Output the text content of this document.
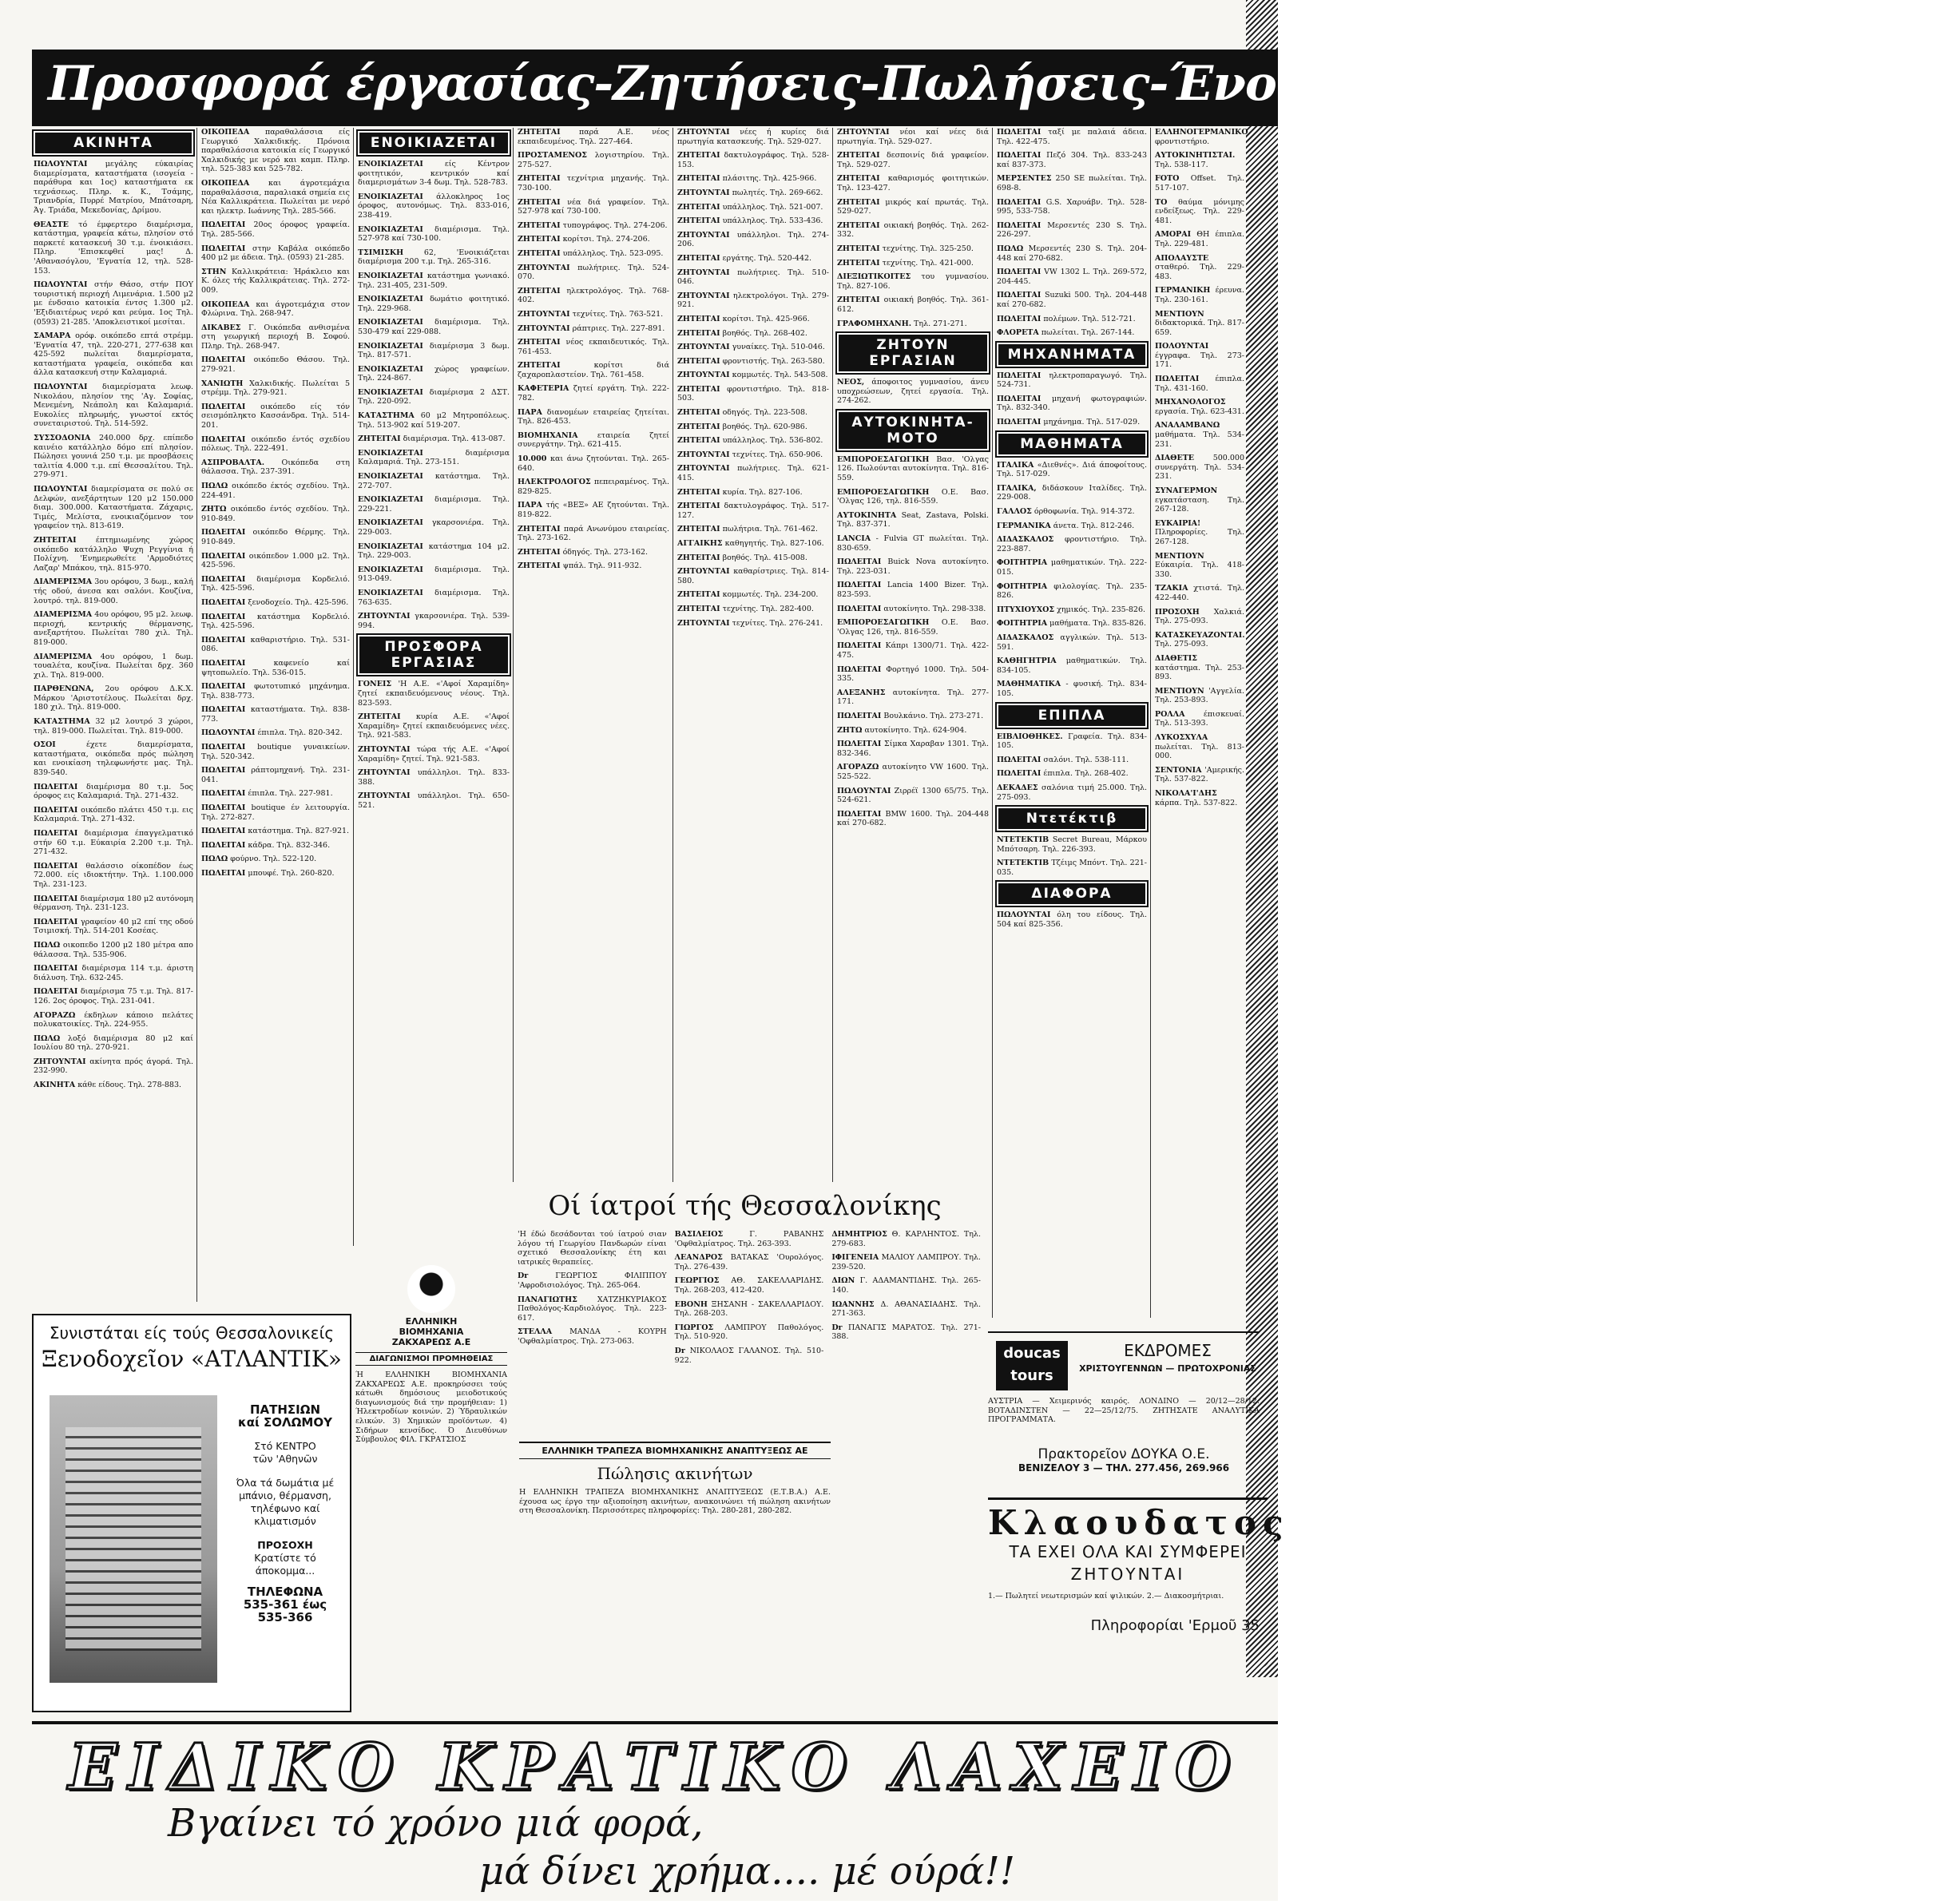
Προσφορά έργασίας-Ζητήσεις-Πωλήσεις-Ένοικιάσεις-Άγοραί-Ακίνητα
ΑΚΙΝΗΤΑ
ΠΩΛΟΥΝΤΑΙ μεγάλης εύκαιρίας διαμερίσματα, καταστήματα (ισογεία - παράθυρα και 1ος) καταστήματα εκ τεχνάσεως. Πληρ. κ. Κ., Τσάμης, Τριανδρία, Πυρρέ Ματρίου, Μπάτσαρη, Άγ. Τριάδα, Μεκεδονίας, Δρίμου.
ΘΕΑΣΤΕ τό έμφερτερο διαμέρισμα, κατάστημα, γραφεία κάτω, πλησίον στό παρκετέ κατασκευή 30 τ.μ. ένοικιάσει. Πληρ. 'Επισκεφθεί μας! Δ. 'Αθανασόγλου, 'Εγνατία 12, τηλ. 528-153.
ΠΩΛΟΥΝΤΑΙ στήν Θάσο, στήν ΠΟΥ τουριστική περιοχή Λιμενάρια. 1.500 μ2 με ένδσαιο κατοικία έντσς 1.300 μ2. 'Εξιδιαιτέρως νερό και ρεύμα. 1ος Τηλ. (0593) 21-285. 'Αποκλειστικοί μεσίται.
ΣΑΜΑΡΑ ορόφ. οικόπεδο επτά στρέμμ. 'Εγνατία 47, τηλ. 220-271, 277-638 και 425-592 πωλείται διαμερίσματα, καταστήματα γραφεία, οικόπεδα και άλλα κατασκευή στην Καλαμαριά.
ΠΩΛΟΥΝΤΑΙ διαμερίσματα λεωφ. Νικολάου, πλησίον της 'Αγ. Σοφίας, Μενεμένη, Νεάπολη και Καλαμαριά. Ευκολίες πληρωμής, γνωστοί εκτός συνεταιριστού. Τηλ. 514-592.
ΣΥΣΣΟΔΟΝΙΑ 240.000 δρχ. επίπεδο καινέιο κατάλληλο δόμο επί πλησίον. Πώλησει γουνιά 250 τ.μ. με προσβάσεις ταλιτία 4.000 τ.μ. επί Θεσσαλίτου. Τηλ. 279-971.
ΠΩΛΟΥΝΤΑΙ διαμερίσματα σε πολύ σε Δελφών, ανεξάρτητων 120 μ2 150.000 διαμ. 300.000. Καταστήματα. Ζάχαρις, Τιμές, Μελίστα, ενοικιαζόμενον τον γραφείον τηλ. 813-619.
ΖΗΤΕΙΤΑΙ έπτημιωμένης χώρος οικόπεδο κατάλληλο Ψυχη Ρεγγίνια ή Πολίχνη. 'Ενημερωθείτε 'Αρμοδιότες Λαζαρ' Μπάκου, τηλ. 815-970.
ΔΙΑΜΕΡΙΣΜΑ 3ου ορόφου, 3 δωμ., καλή τής οδού, άνεσα και σαλόνι. Κουζίνα, λουτρό. τηλ. 819-000.
ΔΙΑΜΕΡΙΣΜΑ 4ου ορόφου, 95 μ2. λεωφ. περιοχή, κεντρικής θέρμανσης, ανεξαρτήτου. Πωλείται 780 χιλ. Τηλ. 819-000.
ΔΙΑΜΕΡΙΣΜΑ 4ου ορόφου, 1 δωμ. τουαλέτα, κουζίνα. Πωλείται δρχ. 360 χιλ. Τηλ. 819-000.
ΠΑΡΘΕΝΩΝΑ, 2ου ορόφου Δ.Κ.Χ. Μάρκου 'Αριστοτέλους. Πωλείται δρχ. 180 χιλ. Τηλ. 819-000.
ΚΑΤΑΣΤΗΜΑ 32 μ2 λουτρό 3 χώροι, τηλ. 819-000. Πωλείται. Τηλ. 819-000.
ΟΣΟΙ έχετε διαμερίσματα, καταστήματα, οικόπεδα πρός πώληση και ενοικίαση τηλεφωνήστε μας. Τηλ. 839-540.
ΠΩΛΕΙΤΑΙ διαμέρισμα 80 τ.μ. 5ος όροφος εις Καλαμαριά. Τηλ. 271-432.
ΠΩΛΕΙΤΑΙ οικόπεδο πλάτει 450 τ.μ. εις Καλαμαριά. Τηλ. 271-432.
ΠΩΛΕΙΤΑΙ διαμέρισμα έπαγγελματικό στήν 60 τ.μ. Εύκαιρία 2.200 τ.μ. Τηλ. 271-432.
ΠΩΛΕΙΤΑΙ θαλάσσιο οίκοπέδον έως 72.000. είς ιδιοκτήτην. Τηλ. 1.100.000 Τηλ. 231-123.
ΠΩΛΕΙΤΑΙ διαμέρισμα 180 μ2 αυτόνομη θέρμανση. Τηλ. 231-123.
ΠΩΛΕΙΤΑΙ γραφείον 40 μ2 επί της οδού Τσιμισκή. Τηλ. 514-201 Κοσέας.
ΠΩΛΩ οικοπεδο 1200 μ2 180 μέτρα απο θάλασσα. Τηλ. 535-906.
ΠΩΛΕΙΤΑΙ διαμέρισμα 114 τ.μ. άριστη διάλυση. Τηλ. 632-245.
ΠΩΛΕΙΤΑΙ διαμέρισμα 75 τ.μ. Τηλ. 817-126. 2ος όροφος. Τηλ. 231-041.
ΑΓΟΡΑΖΩ έκδηλων κάποιο πελάτες πολυκατοικίες. Τηλ. 224-955.
ΠΩΛΩ λοξό διαμέρισμα 80 μ2 καί Ιουλίου 80 τηλ. 270-921.
ΖΗΤΟΥΝΤΑΙ ακίνητα πρός άγορά. Τηλ. 232-990.
ΑΚΙΝΗΤΑ κάθε είδους. Τηλ. 278-883.
ΟΙΚΟΠΕΔΑ παραθαλάσσια είς Γεωργικό Χαλκιδικής. Πρόνοια παραθαλάσσια κατοικία είς Γεωργικό Χαλκιδικής με νερό και καμπ. Πληρ. τηλ. 525-383 και 525-782.
ΟΙΚΟΠΕΔΑ και άγροτεμάχια παραθαλάσσια, παραλιακά σημεία εις Νέα Καλλικράτεια. Πωλείται με νερό και ηλεκτρ. Ιωάννης Τηλ. 285-566.
ΠΩΛΕΙΤΑΙ 20ος όροφος γραφεία. Τηλ. 285-566.
ΠΩΛΕΙΤΑΙ στην Καβάλα οικόπεδο 400 μ2 με άδεια. Τηλ. (0593) 21-285.
ΣΤΗΝ Καλλικράτεια: Ήράκλειο και Κ. όλες τής Καλλικράτειας. Τηλ. 272-009.
ΟΙΚΟΠΕΔΑ και άγροτεμάχια στον Φλώρινα. Τηλ. 268-947.
ΔΙΚΑΒΕΣ Γ. Οικόπεδα ανθισμένα στη γεωργική περιοχή Β. Σοφού. Πληρ. Τηλ. 268-947.
ΠΩΛΕΙΤΑΙ οικόπεδο Θάσου. Τηλ. 279-921.
ΧΑΝΙΩΤΗ Χαλκιδικής. Πωλείται 5 στρέμμ. Τηλ. 279-921.
ΠΩΛΕΙΤΑΙ οικόπεδο είς τόν σεισμόπληκτο Κασσάνδρα. Τηλ. 514-201.
ΠΩΛΕΙΤΑΙ οικόπεδο έντός σχεδίου πόλεως. Τηλ. 222-491.
ΑΣΠΡΟΒΑΛΤΑ. Οικόπεδα στη θάλασσα. Τηλ. 237-391.
ΠΩΛΩ οικόπεδο έκτός σχεδίου. Τηλ. 224-491.
ΖΗΤΩ οικόπεδο έντός σχεδίου. Τηλ. 910-849.
ΠΩΛΕΙΤΑΙ οικόπεδο Θέρμης. Τηλ. 910-849.
ΠΩΛΕΙΤΑΙ οικόπεδον 1.000 μ2. Τηλ. 425-596.
ΠΩΛΕΙΤΑΙ διαμέρισμα Κορδελιό. Τηλ. 425-596.
ΠΩΛΕΙΤΑΙ ξενοδοχείο. Τηλ. 425-596.
ΠΩΛΕΙΤΑΙ κατάστημα Κορδελιό. Τηλ. 425-596.
ΠΩΛΕΙΤΑΙ καθαριστήριο. Τηλ. 531-086.
ΠΩΛΕΙΤΑΙ καφενείο καί ψητοπωλείο. Τηλ. 536-015.
ΠΩΛΕΙΤΑΙ φωτοτυπικό μηχάνημα. Τηλ. 838-773.
ΠΩΛΕΙΤΑΙ καταστήματα. Τηλ. 838-773.
ΠΩΛΟΥΝΤΑΙ έπιπλα. Τηλ. 820-342.
ΠΩΛΕΙΤΑΙ boutique γυναικείων. Τηλ. 520-342.
ΠΩΛΕΙΤΑΙ ράπτομηχανή. Τηλ. 231-041.
ΠΩΛΕΙΤΑΙ έπιπλα. Τηλ. 227-981.
ΠΩΛΕΙΤΑΙ boutique έν λειτουργία. Τηλ. 272-827.
ΠΩΛΕΙΤΑΙ κατάστημα. Τηλ. 827-921.
ΠΩΛΕΙΤΑΙ κάδρα. Τηλ. 832-346.
ΠΩΛΩ φούρνο. Τηλ. 522-120.
ΠΩΛΕΙΤΑΙ μπουφέ. Τηλ. 260-820.
ΕΝΟΙΚΙΑΖΕΤΑΙ
ΕΝΟΙΚΙΑΖΕΤΑΙ είς Κέντρον φοιτητικόν, κεντρικόν καί διαμερισμάτων 3-4 δωμ. Τηλ. 528-783.
ΕΝΟΙΚΙΑΖΕΤΑΙ άλλοκληρος 1ος όροφος, αυτονόμως. Τηλ. 833-016, 238-419.
ΕΝΟΙΚΙΑΖΕΤΑΙ διαμέρισμα. Τηλ. 527-978 καί 730-100.
ΤΣΙΜΙΣΚΗ 62, 'Ενοικιάζεται διαμέρισμα 200 τ.μ. Τηλ. 265-316.
ΕΝΟΙΚΙΑΖΕΤΑΙ κατάστημα γωνιακό. Τηλ. 231-405, 231-509.
ΕΝΟΙΚΙΑΖΕΤΑΙ δωμάτιο φοιτητικό. Τηλ. 229-968.
ΕΝΟΙΚΙΑΖΕΤΑΙ διαμέρισμα. Τηλ. 530-479 καί 229-088.
ΕΝΟΙΚΙΑΖΕΤΑΙ διαμέρισμα 3 δωμ. Τηλ. 817-571.
ΕΝΟΙΚΙΑΖΕΤΑΙ χώρος γραφείων. Τηλ. 224-867.
ΕΝΟΙΚΙΑΖΕΤΑΙ διαμέρισμα 2 ΔΣΤ. Τηλ. 220-092.
ΚΑΤΑΣΤΗΜΑ 60 μ2 Μητροπόλεως. Τηλ. 513-902 καί 519-207.
ΖΗΤΕΙΤΑΙ διαμέρισμα. Τηλ. 413-087.
ΕΝΟΙΚΙΑΖΕΤΑΙ διαμέρισμα Καλαμαριά. Τηλ. 273-151.
ΕΝΟΙΚΙΑΖΕΤΑΙ κατάστημα. Τηλ. 272-707.
ΕΝΟΙΚΙΑΖΕΤΑΙ διαμέρισμα. Τηλ. 229-221.
ΕΝΟΙΚΙΑΖΕΤΑΙ γκαρσονιέρα. Τηλ. 229-003.
ΕΝΟΙΚΙΑΖΕΤΑΙ κατάστημα 104 μ2. Τηλ. 229-003.
ΕΝΟΙΚΙΑΖΕΤΑΙ διαμέρισμα. Τηλ. 913-049.
ΕΝΟΙΚΙΑΖΕΤΑΙ διαμέρισμα. Τηλ. 763-635.
ΖΗΤΟΥΝΤΑΙ γκαρσονιέρα. Τηλ. 539-994.
ΠΡΟΣΦΟΡΑ ΕΡΓΑΣΙΑΣ
ΓΟΝΕΙΣ 'Η Α.Ε. «'Αφοί Χαραμίδη» ζητεί εκπαιδευόμενους νέους. Τηλ. 823-593.
ΖΗΤΕΙΤΑΙ κυρία Α.Ε. «'Αφοί Χαραμίδη» ζητεί εκπαιδευόμενες νέες. Τηλ. 921-583.
ΖΗΤΟΥΝΤΑΙ τώρα τής Α.Ε. «'Αφοί Χαραμίδη» ζητεί. Τηλ. 921-583.
ΖΗΤΟΥΝΤΑΙ υπάλληλοι. Τηλ. 833-388.
ΖΗΤΟΥΝΤΑΙ υπάλληλοι. Τηλ. 650-521.
ΖΗΤΕΙΤΑΙ παρά Α.Ε. νέος εκπαιδευμένος. Τηλ. 227-464.
ΠΡΟΣΤΑΜΕΝΟΣ λογιστηρίου. Τηλ. 275-527.
ΖΗΤΕΙΤΑΙ τεχνίτρια μηχανής. Τηλ. 730-100.
ΖΗΤΕΙΤΑΙ νέα διά γραφείον. Τηλ. 527-978 καί 730-100.
ΖΗΤΕΙΤΑΙ τυπογράφος. Τηλ. 274-206.
ΖΗΤΕΙΤΑΙ κορίτσι. Τηλ. 274-206.
ΖΗΤΕΙΤΑΙ υπάλληλος. Τηλ. 523-095.
ΖΗΤΟΥΝΤΑΙ πωλήτριες. Τηλ. 524-070.
ΖΗΤΕΙΤΑΙ ηλεκτρολόγος. Τηλ. 768-402.
ΖΗΤΟΥΝΤΑΙ τεχνίτες. Τηλ. 763-521.
ΖΗΤΟΥΝΤΑΙ ράπτριες. Τηλ. 227-891.
ΖΗΤΕΙΤΑΙ νέος εκπαιδευτικός. Τηλ. 761-453.
ΖΗΤΕΙΤΑΙ κορίτσι διά ζαχαροπλαστείον. Τηλ. 761-458.
ΚΑΦΕΤΕΡΙΑ ζητεί εργάτη. Τηλ. 222-782.
ΠΑΡΑ διανομέων εταιρείας ζητείται. Τηλ. 826-453.
ΒΙΟΜΗΧΑΝΙΑ εταιρεία ζητεί συνεργάτην. Τηλ. 621-415.
10.000 και άνω ζητούνται. Τηλ. 265-640.
ΗΛΕΚΤΡΟΛΟΓΟΣ πεπειραμένος. Τηλ. 829-825.
ΠΑΡΑ τής «ΒΕΞ» ΑΕ ζητούνται. Τηλ. 819-822.
ΖΗΤΕΙΤΑΙ παρά Ανωνύμου εταιρείας. Τηλ. 273-162.
ΖΗΤΕΙΤΑΙ όδηγός. Τηλ. 273-162.
ΖΗΤΕΙΤΑΙ ψπάλ. Τηλ. 911-932.
ΖΗΤΟΥΝΤΑΙ νέες ή κυρίες διά πρωτηγία κατασκευής. Τηλ. 529-027.
ΖΗΤΕΙΤΑΙ δακτυλογράφος. Τηλ. 528-153.
ΖΗΤΕΙΤΑΙ πλάσιτης. Τηλ. 425-966.
ΖΗΤΟΥΝΤΑΙ πωλητές. Τηλ. 269-662.
ΖΗΤΕΙΤΑΙ υπάλληλος. Τηλ. 521-007.
ΖΗΤΕΙΤΑΙ υπάλληλος. Τηλ. 533-436.
ΖΗΤΟΥΝΤΑΙ υπάλληλοι. Τηλ. 274-206.
ΖΗΤΕΙΤΑΙ εργάτης. Τηλ. 520-442.
ΖΗΤΟΥΝΤΑΙ πωλήτριες. Τηλ. 510-046.
ΖΗΤΟΥΝΤΑΙ ηλεκτρολόγοι. Τηλ. 279-921.
ΖΗΤΕΙΤΑΙ κορίτσι. Τηλ. 425-966.
ΖΗΤΕΙΤΑΙ βοηθός. Τηλ. 268-402.
ΖΗΤΟΥΝΤΑΙ γυναίκες. Τηλ. 510-046.
ΖΗΤΕΙΤΑΙ φροντιστής. Τηλ. 263-580.
ΖΗΤΟΥΝΤΑΙ κομμωτές. Τηλ. 543-508.
ΖΗΤΕΙΤΑΙ φροντιστήριο. Τηλ. 818-503.
ΖΗΤΕΙΤΑΙ οδηγός. Τηλ. 223-508.
ΖΗΤΕΙΤΑΙ βοηθός. Τηλ. 620-986.
ΖΗΤΕΙΤΑΙ υπάλληλος. Τηλ. 536-802.
ΖΗΤΟΥΝΤΑΙ τεχνίτες. Τηλ. 650-906.
ΖΗΤΟΥΝΤΑΙ πωλήτριες. Τηλ. 621-415.
ΖΗΤΕΙΤΑΙ κυρία. Τηλ. 827-106.
ΖΗΤΕΙΤΑΙ δακτυλογράφος. Τηλ. 517-127.
ΖΗΤΕΙΤΑΙ πωλήτρια. Τηλ. 761-462.
ΑΓΓΑΙΚΗΣ καθηγητής. Τηλ. 827-106.
ΖΗΤΕΙΤΑΙ βοηθός. Τηλ. 415-008.
ΖΗΤΟΥΝΤΑΙ καθαρίστριες. Τηλ. 814-580.
ΖΗΤΕΙΤΑΙ κομμωτές. Τηλ. 234-200.
ΖΗΤΕΙΤΑΙ τεχνίτης. Τηλ. 282-400.
ΖΗΤΟΥΝΤΑΙ τεχνίτες. Τηλ. 276-241.
ΖΗΤΟΥΝΤΑΙ νέοι καί νέες διά πρωτηγία. Τηλ. 529-027.
ΖΗΤΕΙΤΑΙ δεσποινίς διά γραφείον. Τηλ. 529-027.
ΖΗΤΕΙΤΑΙ καθαρισμός φοιτητικών. Τηλ. 123-427.
ΖΗΤΕΙΤΑΙ μικρός καί πρωτάς. Τηλ. 529-027.
ΖΗΤΕΙΤΑΙ οικιακή βοηθός. Τηλ. 262-332.
ΖΗΤΕΙΤΑΙ τεχνίτης. Τηλ. 325-250.
ΖΗΤΕΙΤΑΙ τεχνίτης. Τηλ. 421-000.
ΔΙΕΞΙΩΤΙΚΟΙΤΕΣ του γυμνασίου. Τηλ. 827-106.
ΖΗΤΕΙΤΑΙ οικιακή βοηθός. Τηλ. 361-612.
ΓΡΑΦΟΜΗΧΑΝΗ. Τηλ. 271-271.
ΖΗΤΟΥΝ ΕΡΓΑΣΙΑΝ
ΝΕΟΣ, άποφοιτος γυμνασίου, άνευ υποχρεώσεων, ζητεί εργασία. Τηλ. 274-262.
ΑΥΤΟΚΙΝΗΤΑ-ΜΟΤΟ
ΕΜΠΟΡΟΕΣΑΓΩΓΙΚΗ Βασ. 'Ολγας 126. Πωλούνται αυτοκίνητα. Τηλ. 816-559.
ΕΜΠΟΡΟΕΣΑΓΩΓΙΚΗ Ο.Ε. Βασ. 'Ολγας 126, τηλ. 816-559.
ΑΥΤΟΚΙΝΗΤΑ Seat, Zastava, Polski. Τηλ. 837-371.
LANCIA - Fulvia GT πωλείται. Τηλ. 830-659.
ΠΩΛΕΙΤΑΙ Buick Nova αυτοκίνητο. Τηλ. 223-031.
ΠΩΛΕΙΤΑΙ Lancia 1400 Bizer. Τηλ. 823-593.
ΠΩΛΕΙΤΑΙ αυτοκίνητο. Τηλ. 298-338.
ΕΜΠΟΡΟΕΣΑΓΩΓΙΚΗ Ο.Ε. Βασ. 'Ολγας 126, τηλ. 816-559.
ΠΩΛΕΙΤΑΙ Κάπρι 1300/71. Τηλ. 422-475.
ΠΩΛΕΙΤΑΙ Φορτηγό 1000. Τηλ. 504-335.
ΑΛΕΞΑΝΗΣ αυτοκίνητα. Τηλ. 277-171.
ΠΩΛΕΙΤΑΙ Βουλκάνιο. Τηλ. 273-271.
ΖΗΤΩ αυτοκίνητο. Τηλ. 624-904.
ΠΩΛΕΙΤΑΙ Σίμκα Χαραβαν 1301. Τηλ. 832-346.
ΑΓΟΡΑΖΩ αυτοκίνητο VW 1600. Τηλ. 525-522.
ΠΩΛΟΥΝΤΑΙ Ζιρρέϊ 1300 65/75. Τηλ. 524-621.
ΠΩΛΕΙΤΑΙ BMW 1600. Τηλ. 204-448 καί 270-682.
ΠΩΛΕΙΤΑΙ ταξί με παλαιά άδεια. Τηλ. 422-475.
ΠΩΛΕΙΤΑΙ Πεζό 304. Τηλ. 833-243 καί 837-373.
ΜΕΡΣΕΝΤΕΣ 250 SE πωλείται. Τηλ. 698-8.
ΠΩΛΕΙΤΑΙ G.S. Χαρυάβν. Τηλ. 528-995, 533-758.
ΠΩΛΕΙΤΑΙ Μερσεντές 230 S. Τηλ. 226-297.
ΠΩΛΩ Μερσεντές 230 S. Τηλ. 204-448 καί 270-682.
ΠΩΛΕΙΤΑΙ VW 1302 L. Τηλ. 269-572, 204-445.
ΠΩΛΕΙΤΑΙ Suzuki 500. Τηλ. 204-448 καί 270-682.
ΠΩΛΕΙΤΑΙ πολέμων. Τηλ. 512-721.
ΦΛΟΡΕΤΑ πωλείται. Τηλ. 267-144.
ΜΗΧΑΝΗΜΑΤΑ
ΠΩΛΕΙΤΑΙ ηλεκτροπαραγωγό. Τηλ. 524-731.
ΠΩΛΕΙΤΑΙ μηχανή φωτογραφιών. Τηλ. 832-340.
ΠΩΛΕΙΤΑΙ μηχάνημα. Τηλ. 517-029.
ΜΑΘΗΜΑΤΑ
ΙΤΑΛΙΚΑ «Διεθνές». Διά άποφοίτους. Τηλ. 517-029.
ΙΤΑΛΙΚΑ, διδάσκουν Ιταλίδες. Τηλ. 229-008.
ΓΑΛΛΟΣ όρθοφωνία. Τηλ. 914-372.
ΓΕΡΜΑΝΙΚΑ άνετα. Τηλ. 812-246.
ΔΙΔΑΣΚΑΛΟΣ φροντιστήριο. Τηλ. 223-887.
ΦΟΙΤΗΤΡΙΑ μαθηματικών. Τηλ. 222-015.
ΦΟΙΤΗΤΡΙΑ φιλολογίας. Τηλ. 235-826.
ΠΤΥΧΙΟΥΧΟΣ χημικός. Τηλ. 235-826.
ΦΟΙΤΗΤΡΙΑ μαθήματα. Τηλ. 835-826.
ΔΙΔΑΣΚΑΛΟΣ αγγλικών. Τηλ. 513-591.
ΚΑΘΗΓΗΤΡΙΑ μαθηματικών. Τηλ. 834-105.
ΜΑΘΗΜΑΤΙΚΑ - φυσική. Τηλ. 834-105.
ΕΠΙΠΛΑ
ΕΙΒΛΙΟΘΗΚΕΣ. Γραφεία. Τηλ. 834-105.
ΠΩΛΕΙΤΑΙ σαλόνι. Τηλ. 538-111.
ΠΩΛΕΙΤΑΙ έπιπλα. Τηλ. 268-402.
ΔΕΚΑΔΕΣ σαλόνια τιμή 25.000. Τηλ. 275-093.
Ντετέκτιβ
ΝΤΕΤΕΚΤΙΒ Secret Bureau, Μάρκου Μπότσαρη. Τηλ. 226-393.
ΝΤΕΤΕΚΤΙΒ Τζέιμς Μπόντ. Τηλ. 221-035.
ΔΙΑΦΟΡΑ
ΠΩΛΟΥΝΤΑΙ όλη του είδους. Τηλ. 504 καί 825-356.
ΕΛΛΗΝΟΓΕΡΜΑΝΙΚΟ φροντιστήριο.
ΑΥΤΟΚΙΝΗΤΙΣΤΑΙ. Τηλ. 538-117.
FOTO Offset. Τηλ. 517-107.
ΤΟ θαύμα μόνιμης ενδείξεως. Τηλ. 229-481.
ΑΜΟΡΑΙ ΘΗ έπιπλα. Τηλ. 229-481.
ΑΠΟΛΑΥΣΤΕ σταθερό. Τηλ. 229-483.
ΓΕΡΜΑΝΙΚΗ έρευνα. Τηλ. 230-161.
ΜΕΝΤΙΟΥΝ διδακτορικά. Τηλ. 817-659.
ΠΟΛΟΥΝΤΑΙ έγγραφα. Τηλ. 273-171.
ΠΩΛΕΙΤΑΙ έπιπλα. Τηλ. 431-160.
ΜΗΧΑΝΟΛΟΓΟΣ εργασία. Τηλ. 623-431.
ΑΝΑΛΑΜΒΑΝΩ μαθήματα. Τηλ. 534-231.
ΔΙΑΘΕΤΕ 500.000 συνεργάτη. Τηλ. 534-231.
ΣΥΝΑΓΕΡΜΟΝ εγκατάσταση. Τηλ. 267-128.
ΕΥΚΑΙΡΙΑ! Πληροφορίες. Τηλ. 267-128.
ΜΕΝΤΙΟΥΝ Εύκαιρία. Τηλ. 418-330.
ΤΖΑΚΙΑ χτιστά. Τηλ. 422-440.
ΠΡΟΣΟΧΗ Χαλκιά. Τηλ. 275-093.
ΚΑΤΑΣΚΕΥΑΖΟΝΤΑΙ. Τηλ. 275-093.
ΔΙΑΘΕΤΙΣ κατάστημα. Τηλ. 253-893.
ΜΕΝΤΙΟΥΝ 'Αγγελία. Τηλ. 253-893.
ΡΟΛΛΑ έπισκευαί. Τηλ. 513-393.
ΛΥΚΟΣΧΥΛΑ πωλείται. Τηλ. 813-000.
ΣΕΝΤΟΝΙΑ 'Αμερικής. Τηλ. 537-822.
ΝΙΚΟΛΑ'Ι'ΔΗΣ κάρπα. Τηλ. 537-822.
Συνιστάται είς τούς Θεσσαλονικείς
Ξενοδοχεῖον «ΑΤΛΑΝΤΙΚ»
ΠΑΤΗΣΙΩΝ
καί ΣΟΛΩΜΟΥ
Στό ΚΕΝΤΡΟ
τῶν 'Αθηνῶν
Όλα τά δωμάτια μέ μπάνιο, θέρμανση, τηλέφωνο καί κλιματισμόν
ΠΡΟΣΟΧΗ
Κρατίστε τό άποκομμα...
ΤΗΛΕΦΩΝΑ
535-361 έως 535-366
ΕΛΛΗΝΙΚΗ
ΒΙΟΜΗΧΑΝΙΑ
ΖΑΚΧΑΡΕΩΣ Α.Ε
ΔΙΑΓΩΝΙΣΜΟΙ ΠΡΟΜΗΘΕΙΑΣ
Ή ΕΛΛΗΝΙΚΗ ΒΙΟΜΗΧΑΝΙΑ ΖΑΚΧΑΡΕΩΣ Α.Ε. προκηρύσσει τούς κάτωθι δημόσιους μειοδοτικούς διαγωνισμούς διά την προμήθειαν: 1) Ήλεκτροδίων κοινών. 2) Ύδραυλικών ελικών. 3) Χημικών προϊόντων. 4) Σιδήρων κενσίδος. Ό Διευθύνων Σύμβουλος ΦΙΛ. ΓΚΡΑΤΣΙΟΣ
Οί ίατροί τής Θεσσαλονίκης
'Η έδώ δεσάδονται τού ίατρού σιαν λόγου τή Γεωργίου Πανδωρών είναι σχετικό Θεσσαλονίκης έτη και ιατρικές θεραπείες.
Dr ΓΕΩΡΓΙΟΣ ΦΙΛΙΠΠΟΥ 'Αφροδισιολόγος. Τηλ. 265-064.
ΠΑΝΑΓΙΩΤΗΣ ΧΑΤΖΗΚΥΡΙΑΚΟΣ Παθολόγος-Καρδιολόγος. Τηλ. 223-617.
ΣΤΕΛΛΑ ΜΑΝΔΑ - ΚΟΥΡΗ 'Οφθαλμίατρος. Τηλ. 273-063.
ΒΑΣΙΛΕΙΟΣ Γ. ΡΑΒΑΝΗΣ 'Οφθαλμίατρος. Τηλ. 263-393.
ΛΕΑΝΔΡΟΣ ΒΑΤΑΚΑΣ 'Ουρολόγος. Τηλ. 276-439.
ΓΕΩΡΓΙΟΣ ΑΘ. ΣΑΚΕΛΛΑΡΙΔΗΣ. Τηλ. 268-203, 412-420.
ΕΒΟΝΗ ΞΗΣΑΝΗ - ΣΑΚΕΛΛΑΡΙΔΟΥ. Τηλ. 268-203.
ΓΙΩΡΓΟΣ ΛΑΜΠΡΟΥ Παθολόγος. Τηλ. 510-920.
Dr ΝΙΚΟΛΑΟΣ ΓΑΛΑΝΟΣ. Τηλ. 510-922.
ΔΗΜΗΤΡΙΟΣ Θ. ΚΑΡΛΗΝΤΟΣ. Τηλ. 279-683.
ΙΦΙΓΕΝΕΙΑ ΜΑΛΙΟΥ ΛΑΜΠΡΟΥ. Τηλ. 239-520.
ΔΙΩΝ Γ. ΑΔΑΜΑΝΤΙΔΗΣ. Τηλ. 265-140.
ΙΩΑΝΝΗΣ Δ. ΑΘΑΝΑΣΙΑΔΗΣ. Τηλ. 271-363.
Dr ΠΑΝΑΓΙΣ ΜΑΡΑΤΟΣ. Τηλ. 271-388.
ΕΛΛΗΝΙΚΗ ΤΡΑΠΕΖΑ ΒΙΟΜΗΧΑΝΙΚΗΣ ΑΝΑΠΤΥΞΕΩΣ ΑΕ
Πώλησις ακινήτων
Η ΕΛΛΗΝΙΚΗ ΤΡΑΠΕΖΑ ΒΙΟΜΗΧΑΝΙΚΗΣ ΑΝΑΠΤΥΞΕΩΣ (Ε.Τ.Β.Α.) Α.Ε. έχουσα ως έργο την αξιοποίηση ακινήτων, ανακοινώνει τή πώληση ακινήτων στη Θεσσαλονίκη. Περισσότερες πληροφορίες: Τηλ. 280-281, 280-282.
doucas
tours
ΕΚΔΡΟΜΕΣ
ΧΡΙΣΤΟΥΓΕΝΝΩΝ — ΠΡΩΤΟΧΡΟΝΙΑΣ
ΑΥΣΤΡΙΑ — Χειμερινός καιρός. ΛΟΝΔΙΝΟ — 20/12—28/12. ΒΟΤΑΔΙΝΣΤΕΝ — 22—25/12/75. ΖΗΤΗΣΑΤΕ ΑΝΑΛΥΤΙΚΑ ΠΡΟΓΡΑΜΜΑΤΑ.
Πρακτορεῖον ΔΟΥΚΑ Ο.Ε.
ΒΕΝΙΖΕΛΟΥ 3 — ΤΗΛ. 277.456, 269.966
Κλαουδατος
ΤΑ ΕΧΕΙ ΟΛΑ ΚΑΙ ΣΥΜΦΕΡΕΙ
ΖΗΤΟΥΝΤΑΙ
1.— Πωλητεί νεωτερισμών καί ψιλικών. 2.— Διακοσμήτριαι.
Πληροφορίαι 'Ερμοῦ 35
ΕΙΔΙΚΟ ΚΡΑΤΙΚΟ ΛΑΧΕΙΟ
Βγαίνει τό χρόνο μιά φορά,
μά δίνει χρήμα.... μέ ούρά!!
